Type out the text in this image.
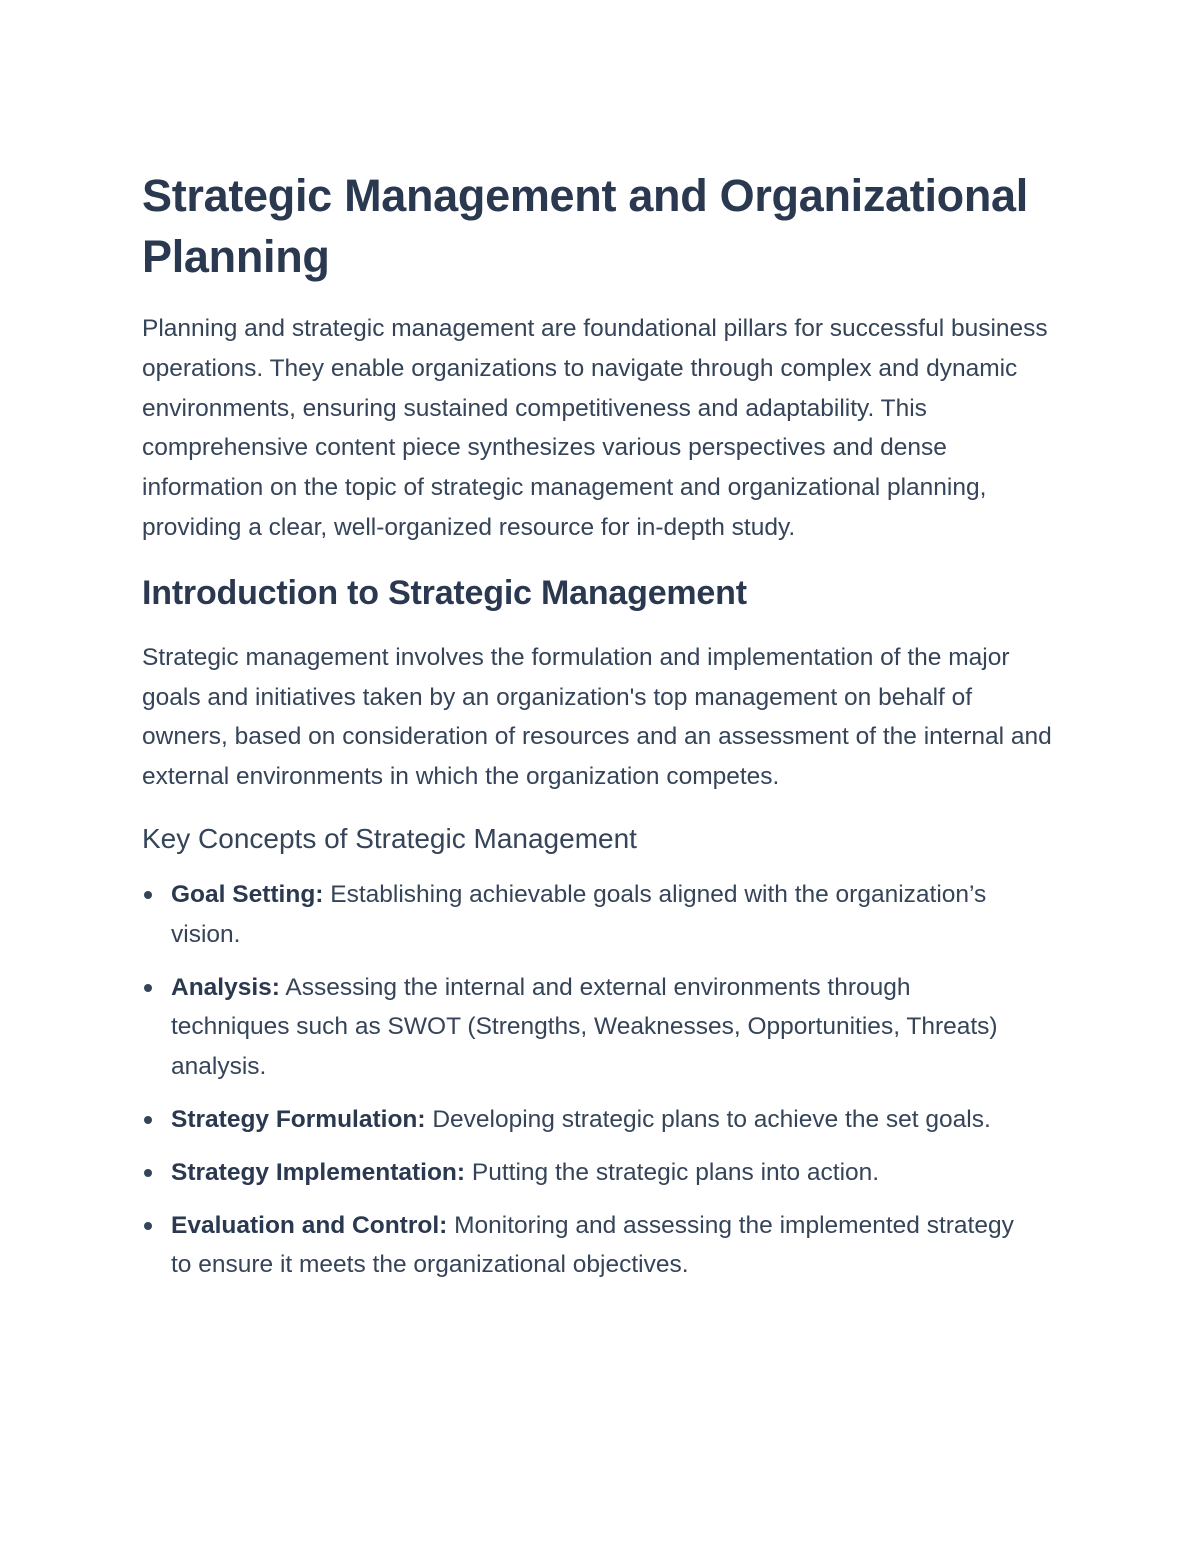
Strategic Management and Organizational Planning

Planning and strategic management are foundational pillars for successful business operations. They enable organizations to navigate through complex and dynamic environments, ensuring sustained competitiveness and adaptability. This comprehensive content piece synthesizes various perspectives and dense information on the topic of strategic management and organizational planning, providing a clear, well-organized resource for in-depth study.

Introduction to Strategic Management

Strategic management involves the formulation and implementation of the major goals and initiatives taken by an organization's top management on behalf of owners, based on consideration of resources and an assessment of the internal and external environments in which the organization competes.

Key Concepts of Strategic Management
Goal Setting: Establishing achievable goals aligned with the organization’s vision.
Analysis: Assessing the internal and external environments through techniques such as SWOT (Strengths, Weaknesses, Opportunities, Threats) analysis.
Strategy Formulation: Developing strategic plans to achieve the set goals.
Strategy Implementation: Putting the strategic plans into action.
Evaluation and Control: Monitoring and assessing the implemented strategy to ensure it meets the organizational objectives.
